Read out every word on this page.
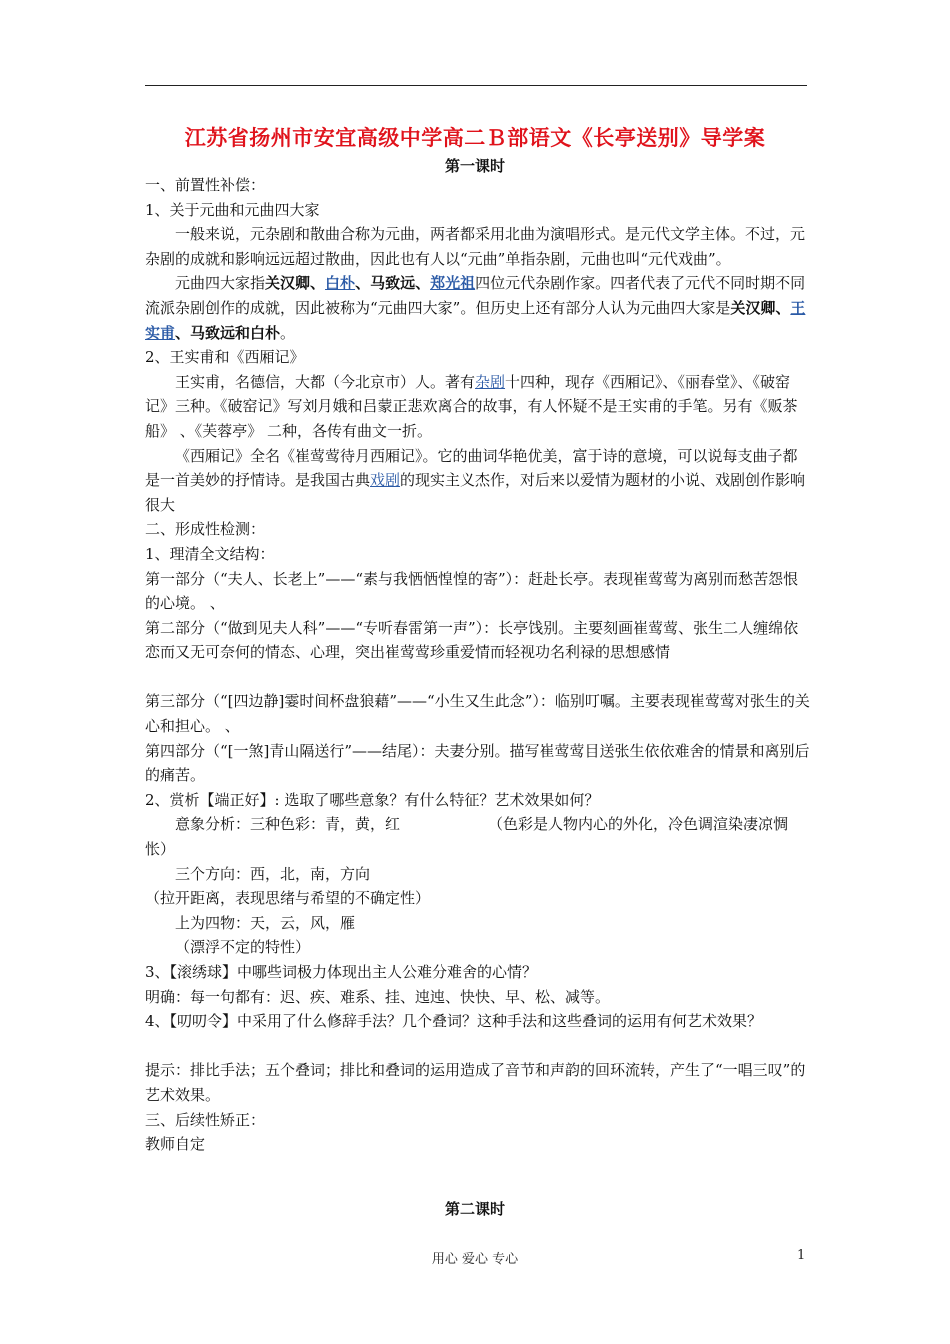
江苏省扬州市安宜高级中学高二Ｂ部语文《长亭送别》导学案
第一课时

一、前置性补偿：

1、关于元曲和元曲四大家

一般来说，元杂剧和散曲合称为元曲，两者都采用北曲为演唱形式。是元代文学主体。不过，元杂剧的成就和影响远远超过散曲，因此也有人以“元曲”单指杂剧，元曲也叫“元代戏曲”。

元曲四大家指关汉卿、白朴、马致远、郑光祖四位元代杂剧作家。四者代表了元代不同时期不同流派杂剧创作的成就，因此被称为“元曲四大家”。但历史上还有部分人认为元曲四大家是关汉卿、王实甫、马致远和白朴。

2、王实甫和《西厢记》

王实甫，名德信，大都（今北京市）人。著有杂剧十四种，现存《西厢记》、《丽春堂》、《破窑记》三种。《破窑记》写刘月娥和吕蒙正悲欢离合的故事，有人怀疑不是王实甫的手笔。另有《贩茶船》 、《芙蓉亭》 二种，各传有曲文一折。

《西厢记》全名《崔莺莺待月西厢记》。它的曲词华艳优美，富于诗的意境，可以说每支曲子都是一首美妙的抒情诗。是我国古典戏剧的现实主义杰作，对后来以爱情为题材的小说、戏剧创作影响很大

二、形成性检测：

1、理清全文结构：

第一部分（“夫人、长老上”——“素与我恓恓惶惶的寄”）：赶赴长亭。表现崔莺莺为离别而愁苦怨恨的心境。 、

第二部分（“做到见夫人科”——“专听春雷第一声”）：长亭饯别。主要刻画崔莺莺、张生二人缠绵依恋而又无可奈何的情态、心理，突出崔莺莺珍重爱情而轻视功名利禄的思想感情

第三部分（“[四边静]霎时间杯盘狼藉”——“小生又生此念”）：临别叮嘱。主要表现崔莺莺对张生的关心和担心。 、

第四部分（“[一煞]青山隔送行”——结尾）：夫妻分别。描写崔莺莺目送张生依依难舍的情景和离别后的痛苦。

2、赏析【端正好】: 选取了哪些意象？有什么特征？艺术效果如何？

意象分析：三种色彩：青，黄，红	（色彩是人物内心的外化，冷色调渲染凄凉惆怅）

三个方向：西，北，南，方向

（拉开距离，表现思绪与希望的不确定性）

上为四物：天，云，风，雁

（漂浮不定的特性）

3、【滚绣球】中哪些词极力体现出主人公难分难舍的心情？

明确：每一句都有：迟、疾、难系、挂、迍迍、快快、早、松、减等。

4、【叨叨令】中采用了什么修辞手法？几个叠词？这种手法和这些叠词的运用有何艺术效果？

提示：排比手法；五个叠词；排比和叠词的运用造成了音节和声韵的回环流转，产生了“一唱三叹”的艺术效果。

三、后续性矫正：

教师自定

第二课时
用心 爱心 专心	1
